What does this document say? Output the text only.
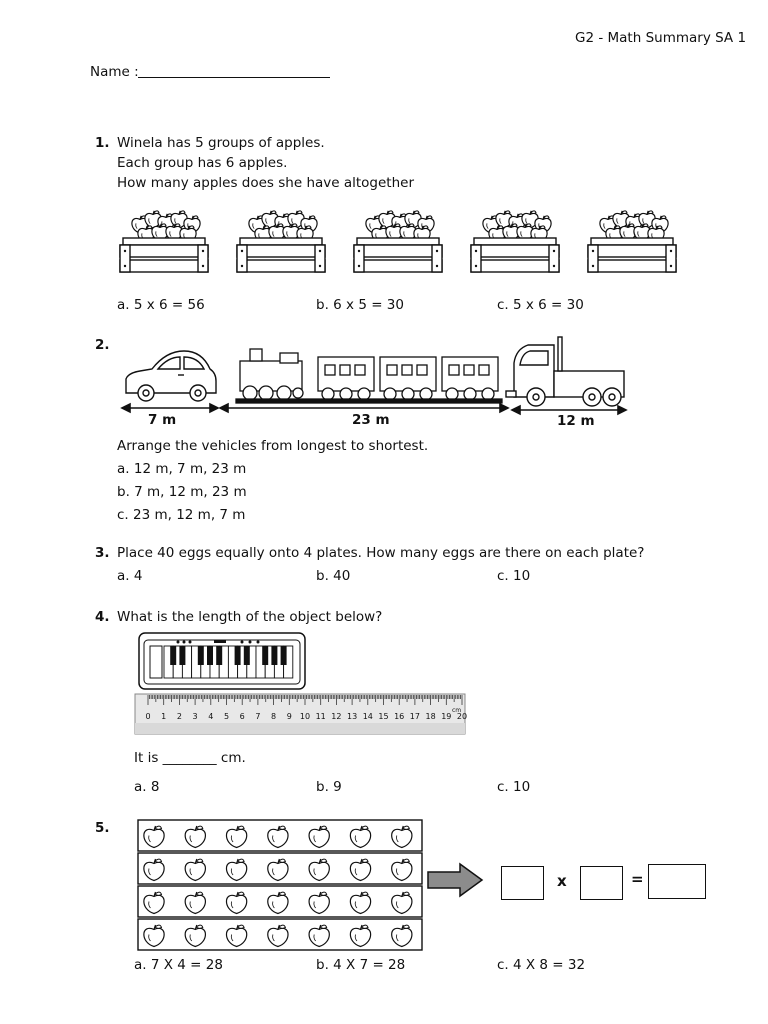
G2 - Math Summary SA 1
Name :
1. Winela has 5 groups of apples.
Each group has 6 apples.
How many apples does she have altogether
a. 5 x 6 = 56	b. 6 x 5 = 30	c. 5 x 6 = 30
2.
7 m	23 m	12 m
Arrange the vehicles from longest to shortest.
a. 12 m, 7 m, 23 m
b. 7 m, 12 m, 23 m
c. 23 m, 12 m, 7 m
3. Place 40 eggs equally onto 4 plates. How many eggs are there on each plate?
a. 4	b. 40	c. 10
4. What is the length of the object below?
0 1 2 3 4 5 6 7 8 9 10 11 12 13 14 15 16 17 18 19 20
cm
It is ________ cm.
a. 8	b. 9	c. 10
5.
x	=
a. 7 X 4 = 28	b. 4 X 7 = 28	c. 4 X 8 = 32
